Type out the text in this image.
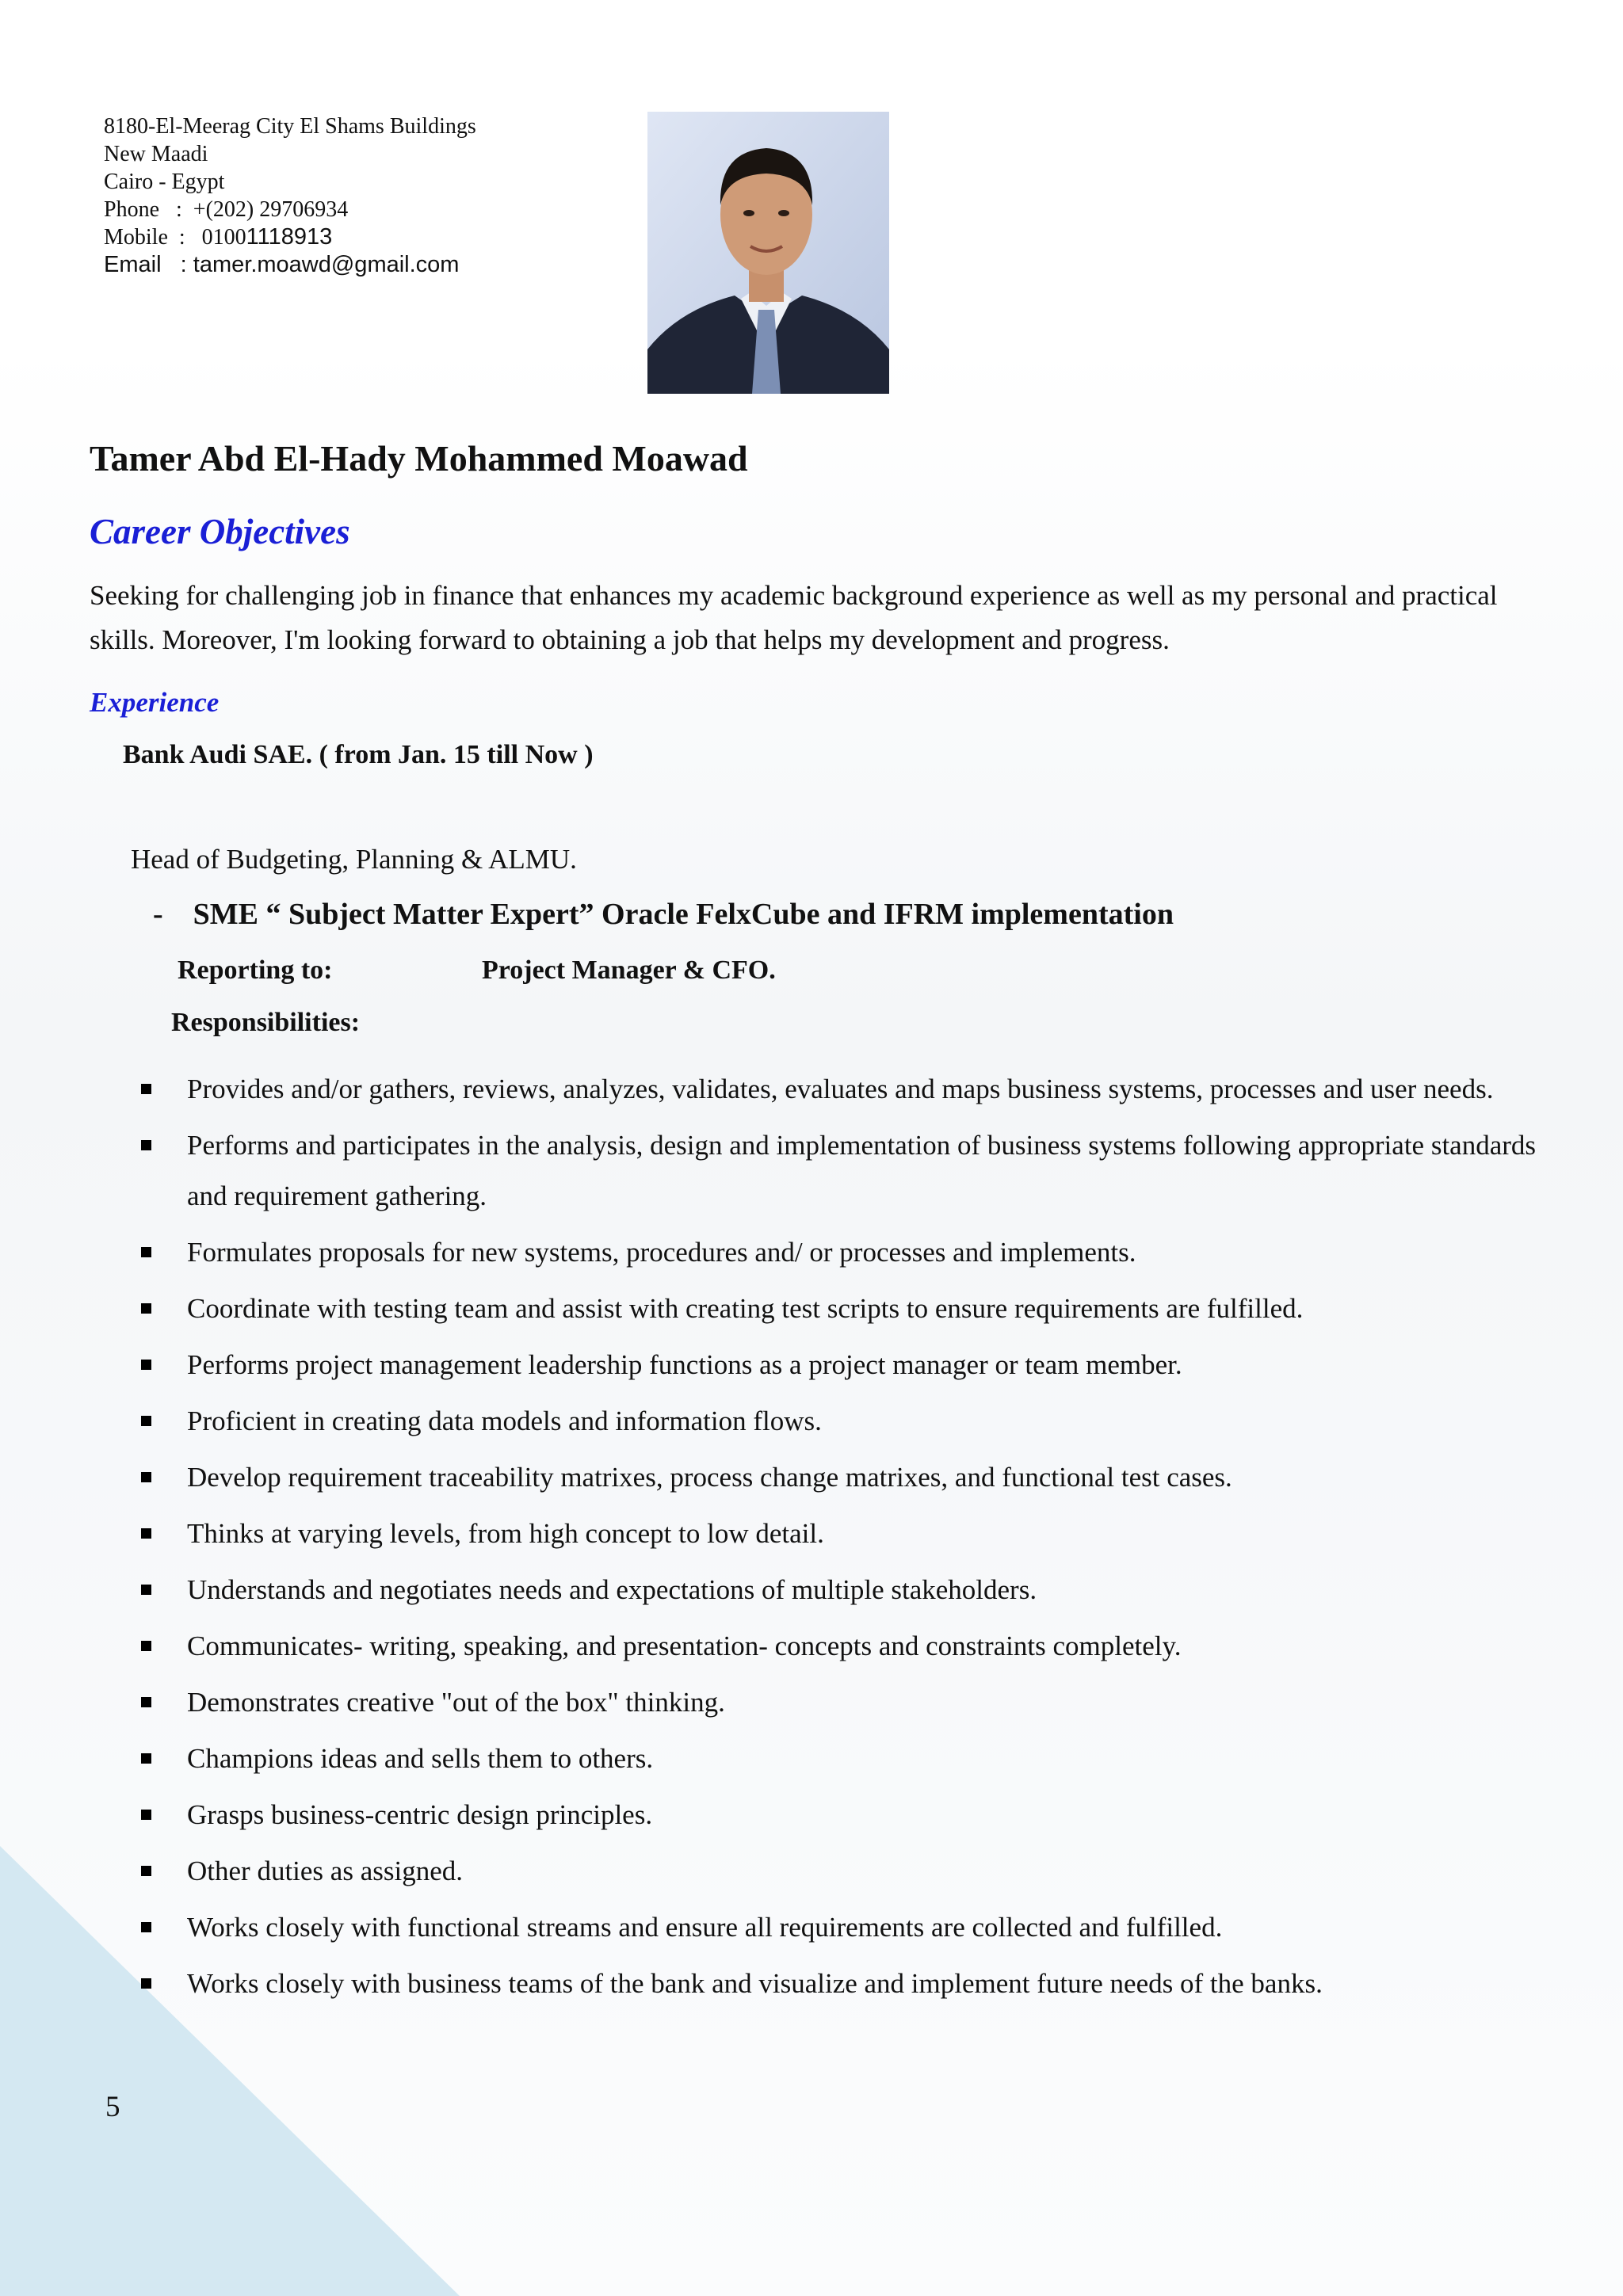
8180-El-Meerag City El Shams Buildings
New Maadi
Cairo - Egypt
Phone   :  +(202) 29706934
Mobile  :   01001118913
Email   : tamer.moawd@gmail.com
Tamer Abd El-Hady Mohammed Moawad
Career Objectives
Seeking for challenging job in finance that enhances my academic background experience as well as my personal and practical skills. Moreover, I'm looking forward to obtaining a job that helps my development and progress.
Experience
Bank Audi SAE. ( from Jan. 15 till Now )
Head of Budgeting, Planning & ALMU.
-    SME “ Subject Matter Expert” Oracle FelxCube and IFRM implementation
Reporting to:	Project Manager & CFO.
Responsibilities:
Provides and/or gathers, reviews, analyzes, validates, evaluates and maps business systems, processes and user needs.
Performs and participates in the analysis, design and implementation of business systems following appropriate standards and requirement gathering.
Formulates proposals for new systems, procedures and/ or processes and implements.
Coordinate with testing team and assist with creating test scripts to ensure requirements are fulfilled.
Performs project management leadership functions as a project manager or team member.
Proficient in creating data models and information flows.
Develop requirement traceability matrixes, process change matrixes, and functional test cases.
Thinks at varying levels, from high concept to low detail.
Understands and negotiates needs and expectations of multiple stakeholders.
Communicates- writing, speaking, and presentation- concepts and constraints completely.
Demonstrates creative "out of the box" thinking.
Champions ideas and sells them to others.
Grasps business-centric design principles.
Other duties as assigned.
Works closely with functional streams and ensure all requirements are collected and fulfilled.
Works closely with business teams of the bank and visualize and implement future needs of the banks.
5
